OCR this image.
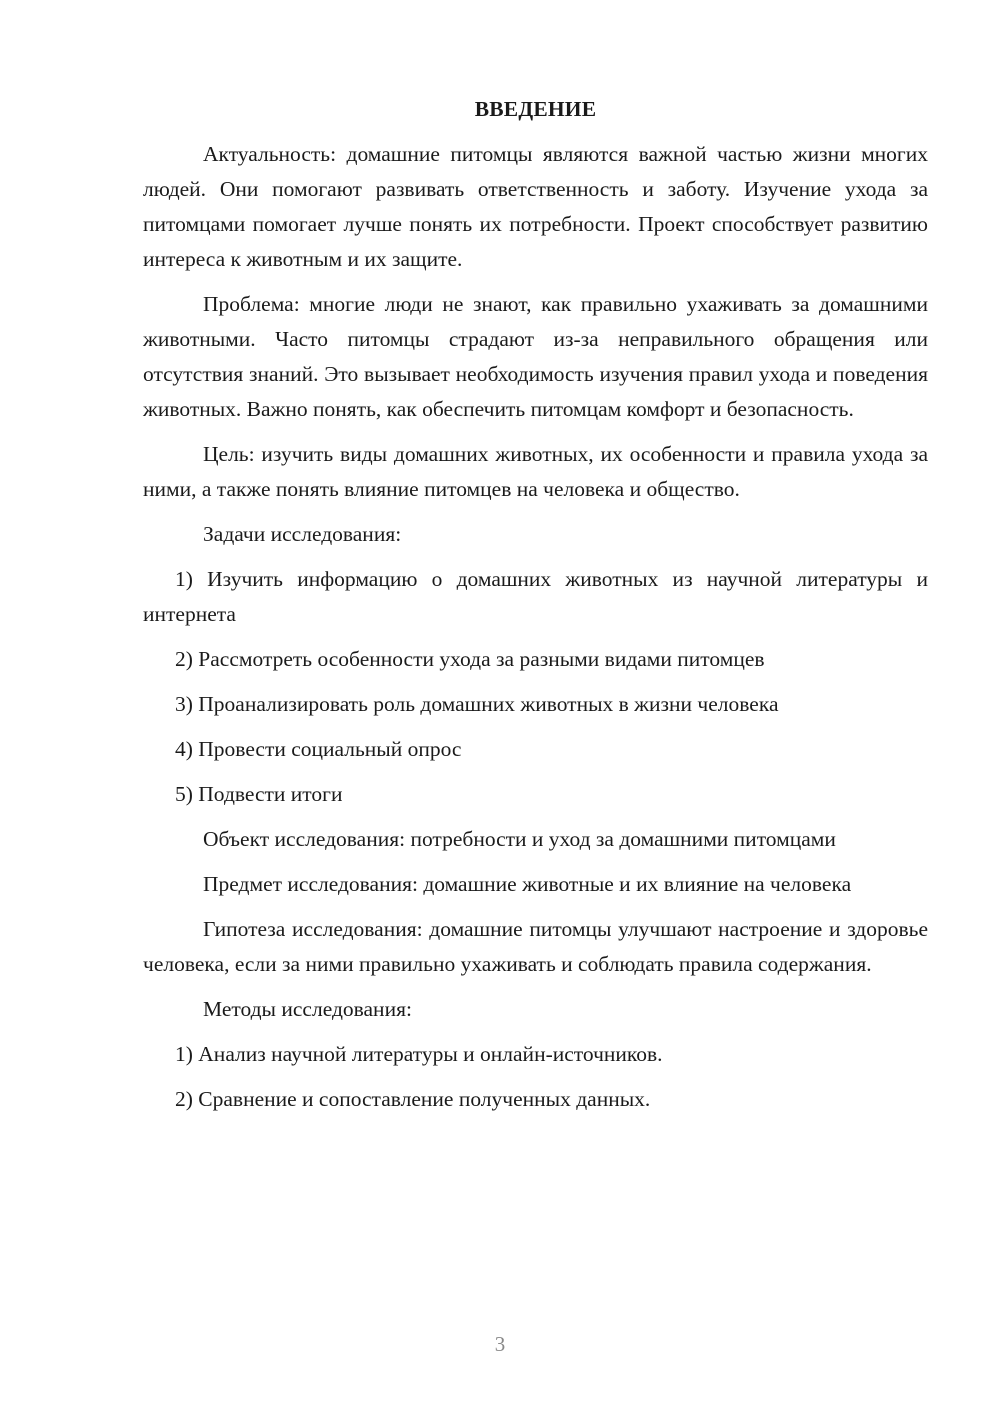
ВВЕДЕНИЕ

Актуальность: домашние питомцы являются важной частью жизни многих людей. Они помогают развивать ответственность и заботу. Изучение ухода за питомцами помогает лучше понять их потребности. Проект способствует развитию интереса к животным и их защите.

Проблема: многие люди не знают, как правильно ухаживать за домашними животными. Часто питомцы страдают из-за неправильного обращения или отсутствия знаний. Это вызывает необходимость изучения правил ухода и поведения животных. Важно понять, как обеспечить питомцам комфорт и безопасность.

Цель: изучить виды домашних животных, их особенности и правила ухода за ними, а также понять влияние питомцев на человека и общество.

Задачи исследования:

1) Изучить информацию о домашних животных из научной литературы и интернета

2) Рассмотреть особенности ухода за разными видами питомцев

3) Проанализировать роль домашних животных в жизни человека

4) Провести социальный опрос

5) Подвести итоги

Объект исследования: потребности и уход за домашними питомцами

Предмет исследования: домашние животные и их влияние на человека

Гипотеза исследования: домашние питомцы улучшают настроение и здоровье человека, если за ними правильно ухаживать и соблюдать правила содержания.

Методы исследования:

1) Анализ научной литературы и онлайн-источников.

2) Сравнение и сопоставление полученных данных.

3
